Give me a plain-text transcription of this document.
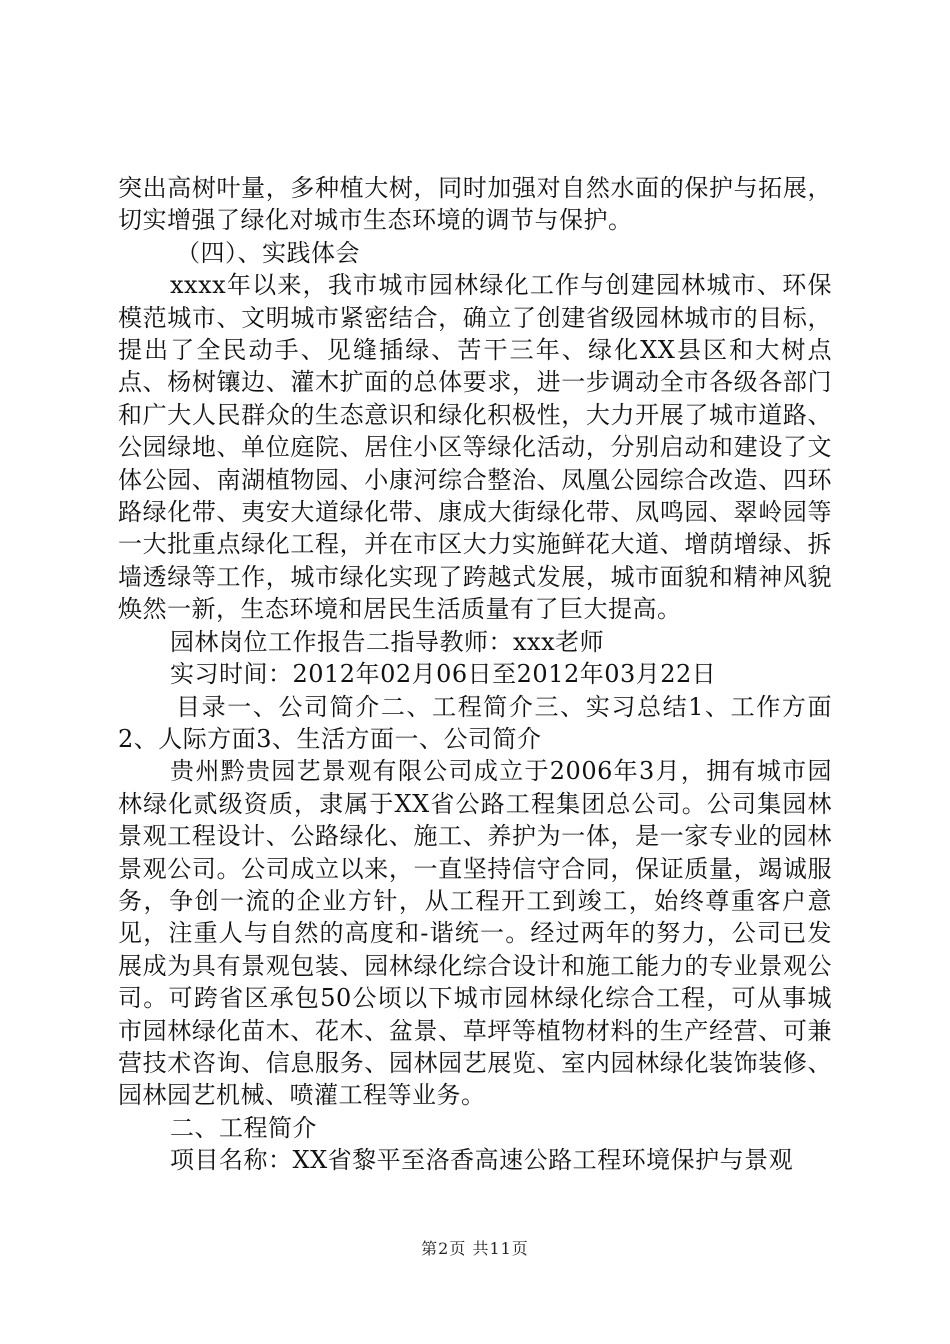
突出高树叶量，多种植大树，同时加强对自然水面的保护与拓展，切实增强了绿化对城市生态环境的调节与保护。

（四）、实践体会

xxxx年以来，我市城市园林绿化工作与创建园林城市、环保模范城市、文明城市紧密结合，确立了创建省级园林城市的目标，提出了全民动手、见缝插绿、苦干三年、绿化XX县区和大树点点、杨树镶边、灌木扩面的总体要求，进一步调动全市各级各部门和广大人民群众的生态意识和绿化积极性，大力开展了城市道路、公园绿地、单位庭院、居住小区等绿化活动，分别启动和建设了文体公园、南湖植物园、小康河综合整治、凤凰公园综合改造、四环路绿化带、夷安大道绿化带、康成大街绿化带、凤鸣园、翠岭园等一大批重点绿化工程，并在市区大力实施鲜花大道、增荫增绿、拆墙透绿等工作，城市绿化实现了跨越式发展，城市面貌和精神风貌焕然一新，生态环境和居民生活质量有了巨大提高。

园林岗位工作报告二指导教师：xxx老师

实习时间：2012年02月06日至2012年03月22日

目录一、公司简介二、工程简介三、实习总结1、工作方面2、人际方面3、生活方面一、公司简介

贵州黔贵园艺景观有限公司成立于2006年3月，拥有城市园林绿化贰级资质，隶属于XX省公路工程集团总公司。公司集园林景观工程设计、公路绿化、施工、养护为一体，是一家专业的园林景观公司。公司成立以来，一直坚持信守合同，保证质量，竭诚服务，争创一流的企业方针，从工程开工到竣工，始终尊重客户意见，注重人与自然的高度和-谐统一。经过两年的努力，公司已发展成为具有景观包装、园林绿化综合设计和施工能力的专业景观公司。可跨省区承包50公顷以下城市园林绿化综合工程，可从事城市园林绿化苗木、花木、盆景、草坪等植物材料的生产经营、可兼营技术咨询、信息服务、园林园艺展览、室内园林绿化装饰装修、园林园艺机械、喷灌工程等业务。

二、工程简介

项目名称：XX省黎平至洛香高速公路工程环境保护与景观

第2页 共11页
